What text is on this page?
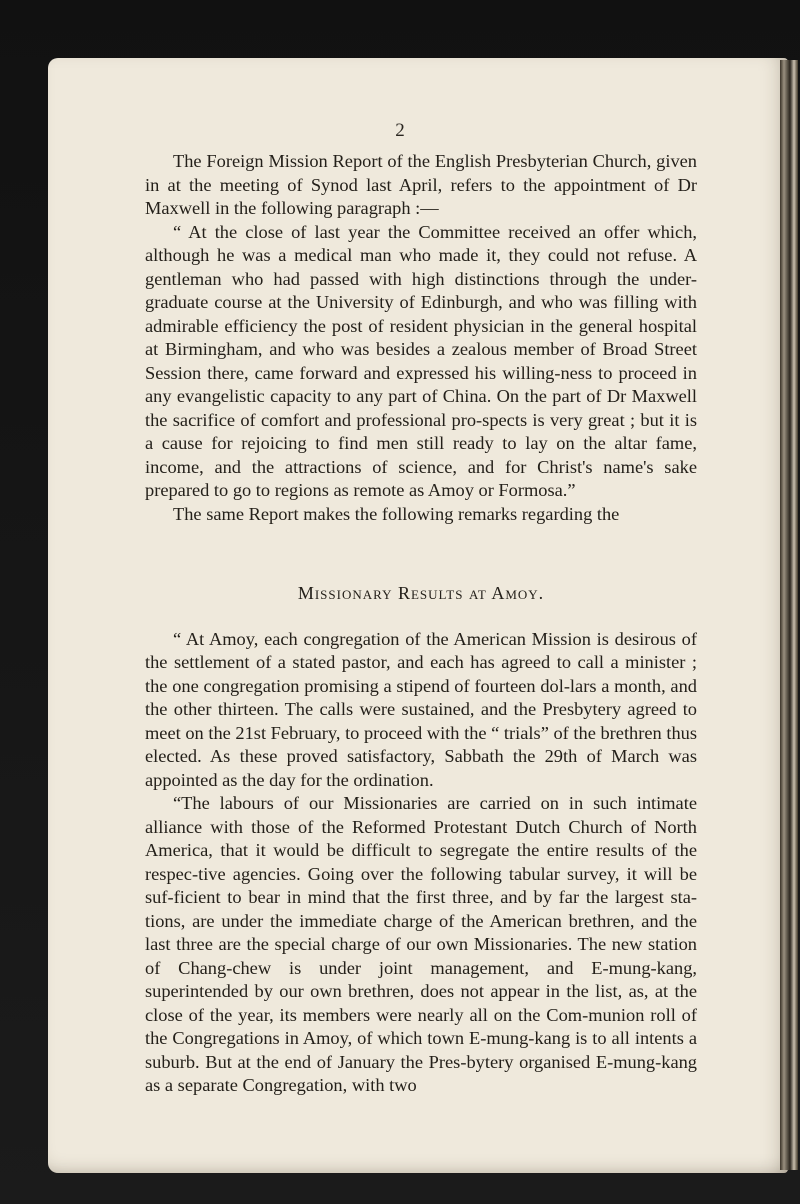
2

The Foreign Mission Report of the English Presbyterian Church, given in at the meeting of Synod last April, refers to the appointment of Dr Maxwell in the following paragraph :—

“ At the close of last year the Committee received an offer which, although he was a medical man who made it, they could not refuse. A gentleman who had passed with high distinctions through the under-graduate course at the University of Edinburgh, and who was filling with admirable efficiency the post of resident physician in the general hospital at Birmingham, and who was besides a zealous member of Broad Street Session there, came forward and expressed his willing-ness to proceed in any evangelistic capacity to any part of China. On the part of Dr Maxwell the sacrifice of comfort and professional pro-spects is very great ; but it is a cause for rejoicing to find men still ready to lay on the altar fame, income, and the attractions of science, and for Christ's name's sake prepared to go to regions as remote as Amoy or Formosa.”

The same Report makes the following remarks regarding the

Missionary Results at Amoy.

“ At Amoy, each congregation of the American Mission is desirous of the settlement of a stated pastor, and each has agreed to call a minister ; the one congregation promising a stipend of fourteen dol-lars a month, and the other thirteen. The calls were sustained, and the Presbytery agreed to meet on the 21st February, to proceed with the “ trials” of the brethren thus elected. As these proved satisfactory, Sabbath the 29th of March was appointed as the day for the ordination.

“The labours of our Missionaries are carried on in such intimate alliance with those of the Reformed Protestant Dutch Church of North America, that it would be difficult to segregate the entire results of the respec-tive agencies. Going over the following tabular survey, it will be suf-ficient to bear in mind that the first three, and by far the largest sta-tions, are under the immediate charge of the American brethren, and the last three are the special charge of our own Missionaries. The new station of Chang-chew is under joint management, and E-mung-kang, superintended by our own brethren, does not appear in the list, as, at the close of the year, its members were nearly all on the Com-munion roll of the Congregations in Amoy, of which town E-mung-kang is to all intents a suburb. But at the end of January the Pres-bytery organised E-mung-kang as a separate Congregation, with two
